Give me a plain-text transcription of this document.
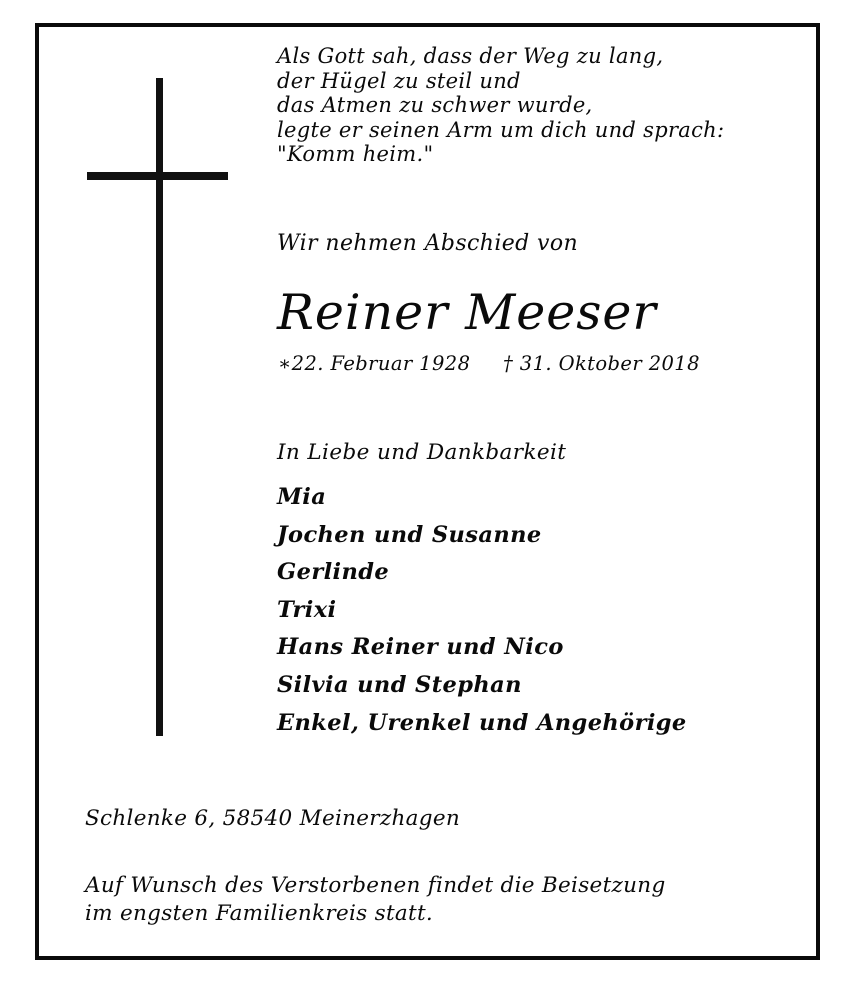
Als Gott sah, dass der Weg zu lang,
der Hügel zu steil und
das Atmen zu schwer wurde,
legte er seinen Arm um dich und sprach:
"Komm heim."
Wir nehmen Abschied von
Reiner Meeser
∗22. Februar 1928 † 31. Oktober 2018
In Liebe und Dankbarkeit
Mia
Jochen und Susanne
Gerlinde
Trixi
Hans Reiner und Nico
Silvia und Stephan
Enkel, Urenkel und Angehörige
Schlenke 6, 58540 Meinerzhagen
Auf Wunsch des Verstorbenen findet die Beisetzung
im engsten Familienkreis statt.
